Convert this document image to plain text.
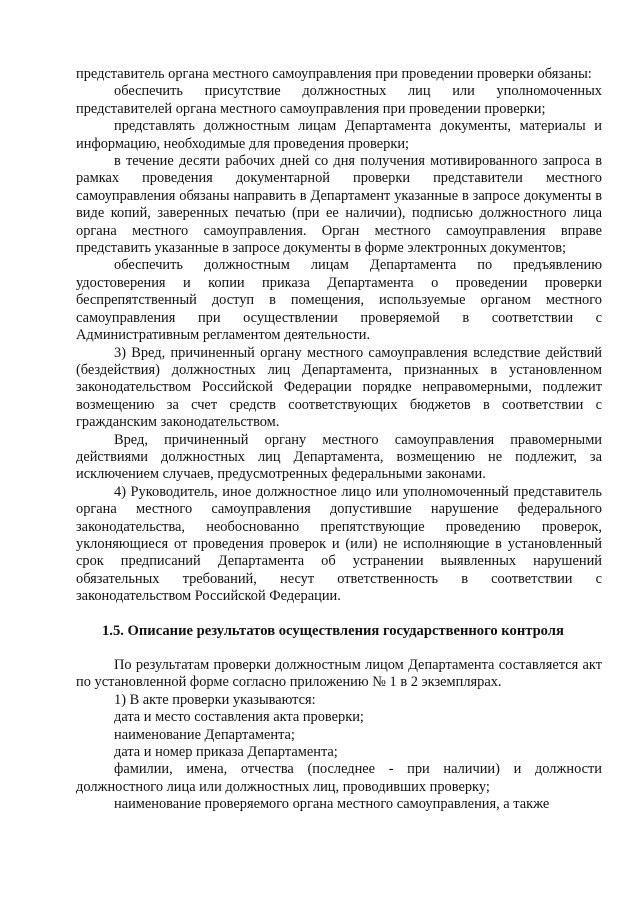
представитель органа местного самоуправления при проведении проверки обязаны:

обеспечить присутствие должностных лиц или уполномоченных представителей органа местного самоуправления при проведении проверки;

представлять должностным лицам Департамента документы, материалы и информацию, необходимые для проведения проверки;

в течение десяти рабочих дней со дня получения мотивированного запроса в рамках проведения документарной проверки представители местного самоуправления обязаны направить в Департамент указанные в запросе документы в виде копий, заверенных печатью (при ее наличии), подписью должностного лица органа местного самоуправления. Орган местного самоуправления вправе представить указанные в запросе документы в форме электронных документов;

обеспечить должностным лицам Департамента по предъявлению удостоверения и копии приказа Департамента о проведении проверки беспрепятственный доступ в помещения, используемые органом местного самоуправления при осуществлении проверяемой в соответствии с Административным регламентом деятельности.

3) Вред, причиненный органу местного самоуправления вследствие действий (бездействия) должностных лиц Департамента, признанных в установленном законодательством Российской Федерации порядке неправомерными, подлежит возмещению за счет средств соответствующих бюджетов в соответствии с гражданским законодательством.

Вред, причиненный органу местного самоуправления правомерными действиями должностных лиц Департамента, возмещению не подлежит, за исключением случаев, предусмотренных федеральными законами.

4) Руководитель, иное должностное лицо или уполномоченный представитель органа местного самоуправления допустившие нарушение федерального законодательства, необоснованно препятствующие проведению проверок, уклоняющиеся от проведения проверок и (или) не исполняющие в установленный срок предписаний Департамента об устранении выявленных нарушений обязательных требований, несут ответственность в соответствии с законодательством Российской Федерации.

1.5. Описание результатов осуществления государственного контроля

По результатам проверки должностным лицом Департамента составляется акт по установленной форме согласно приложению № 1 в 2 экземплярах.

1) В акте проверки указываются:

дата и место составления акта проверки;

наименование Департамента;

дата и номер приказа Департамента;

фамилии, имена, отчества (последнее - при наличии) и должности должностного лица или должностных лиц, проводивших проверку;

наименование проверяемого органа местного самоуправления, а также
